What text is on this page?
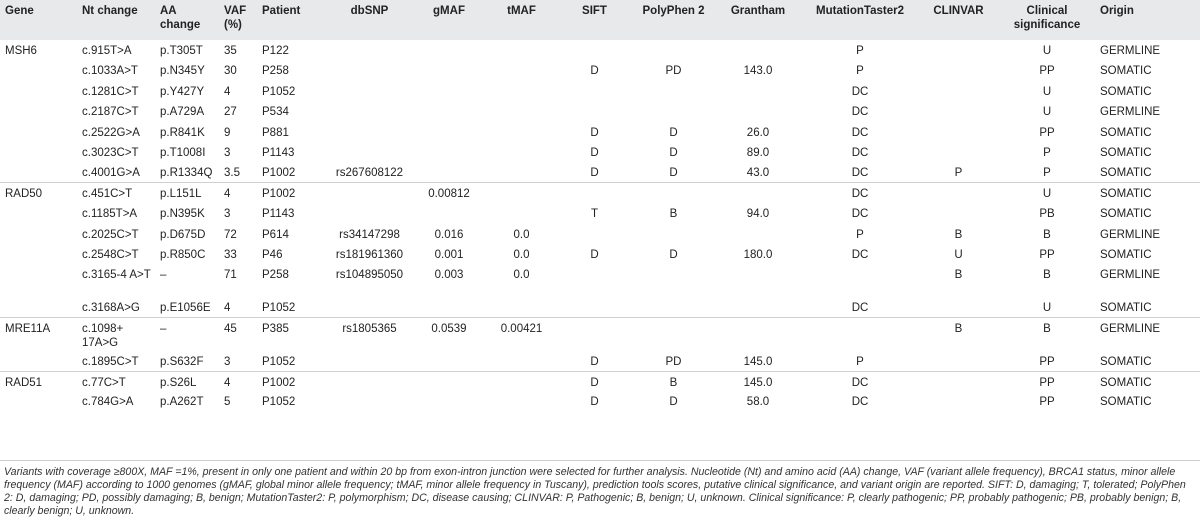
Gene	Nt change	AA change	VAF (%)	Patient	dbSNP	gMAF	tMAF	SIFT	PolyPhen 2	Grantham	MutationTaster2	CLINVAR	Clinical significance	Origin
MSH6	c.915T>A	p.T305T	35	P122							P		U	GERMLINE
	c.1033A>T	p.N345Y	30	P258				D	PD	143.0	P		PP	SOMATIC
	c.1281C>T	p.Y427Y	4	P1052							DC		U	SOMATIC
	c.2187C>T	p.A729A	27	P534							DC		U	GERMLINE
	c.2522G>A	p.R841K	9	P881				D	D	26.0	DC		PP	SOMATIC
	c.3023C>T	p.T1008I	3	P1143				D	D	89.0	DC		P	SOMATIC
	c.4001G>A	p.R1334Q	3.5	P1002	rs267608122			D	D	43.0	DC	P	P	SOMATIC
RAD50	c.451C>T	p.L151L	4	P1002		0.00812					DC		U	SOMATIC
	c.1185T>A	p.N395K	3	P1143				T	B	94.0	DC		PB	SOMATIC
	c.2025C>T	p.D675D	72	P614	rs34147298	0.016	0.0				P	B	B	GERMLINE
	c.2548C>T	p.R850C	33	P46	rs181961360	0.001	0.0	D	D	180.0	DC	U	PP	SOMATIC
	c.3165-4 A>T	–	71	P258	rs104895050	0.003	0.0					B	B	GERMLINE
	c.3168A>G	p.E1056E	4	P1052							DC		U	SOMATIC
MRE11A	c.1098+ 17A>G	–	45	P385	rs1805365	0.0539	0.00421					B	B	GERMLINE
	c.1895C>T	p.S632F	3	P1052				D	PD	145.0	P		PP	SOMATIC
RAD51	c.77C>T	p.S26L	4	P1002				D	B	145.0	DC		PP	SOMATIC
	c.784G>A	p.A262T	5	P1052				D	D	58.0	DC		PP	SOMATIC
Variants with coverage ≥800X, MAF =1%, present in only one patient and within 20 bp from exon-intron junction were selected for further analysis. Nucleotide (Nt) and amino acid (AA) change, VAF (variant allele frequency), BRCA1 status, minor allele frequency (MAF) according to 1000 genomes (gMAF, global minor allele frequency; tMAF, minor allele frequency in Tuscany), prediction tools scores, putative clinical significance, and variant origin are reported. SIFT: D, damaging; T, tolerated; PolyPhen 2: D, damaging; PD, possibly damaging; B, benign; MutationTaster2: P, polymorphism; DC, disease causing; CLINVAR: P, Pathogenic; B, benign; U, unknown. Clinical significance: P, clearly pathogenic; PP, probably pathogenic; PB, probably benign; B, clearly benign; U, unknown.
